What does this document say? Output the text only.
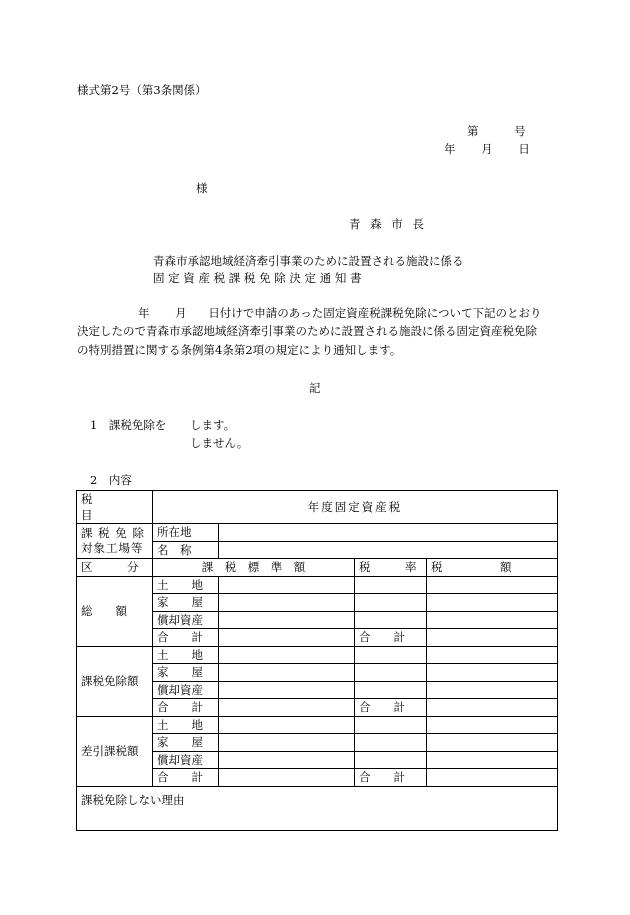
様式第2号（第3条関係）
第	号
年 月 日
様
青 森 市 長
青森市承認地域経済牽引事業のために設置される施設に係る
固 定 資 産 税 課 税 免 除 決 定 通 知 書
年 月 日付けで申請のあった固定資産税課税免除について下記のとおり
決定したので青森市承認地域経済牽引事業のために設置される施設に係る固定資産税免除
の特別措置に関する条例第4条第2項の規定により通知します。
記
1　課税免除を します。
しません。
2　内容
税　　　　目	年度固定資産税			

課 税 免 除
対象工場等	所在地			
	名　称			
区　　　分	課　税　標　準　額		税　　　率	税　　　　　額
総　　額	土　　地			
	家　　屋			
	償却資産			
	合　　計		合　　計	
課税免除額	土　　地			
	家　　屋			
	償却資産			
	合　　計		合　　計	
差引課税額	土　　地			
	家　　屋			
	償却資産			
	合　　計		合　　計	
課税免除しない理由				
